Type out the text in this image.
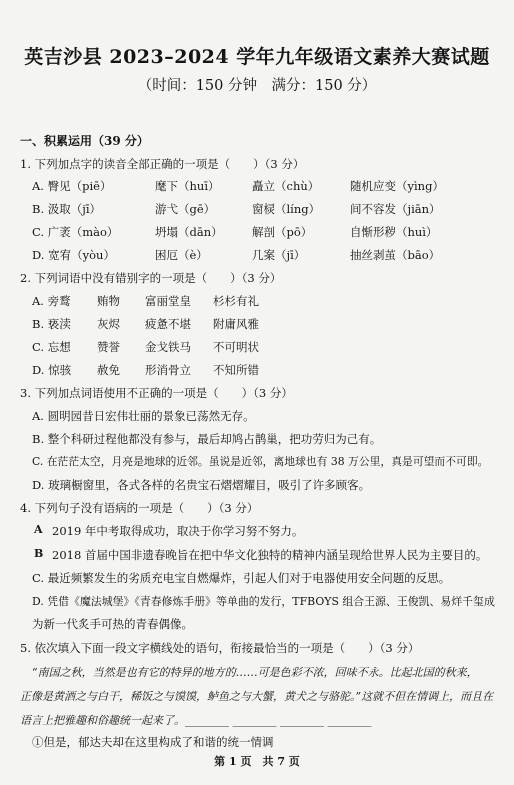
英吉沙县 2023–2024 学年九年级语文素养大赛试题
（时间：150 分钟　满分：150 分）
一、积累运用（39 分）
1. 下列加点字的读音全部正确的一项是（　　）（3 分）
A. 臀见（piē）	麾下（huī）	矗立（chù）	随机应变（yìng）
B. 汲取（jī）	游弋（gē）	窗棂（líng）	间不容发（jiān）
C. 广袤（mào）	坍塌（dān）	解剖（pō）	自惭形秽（huì）
D. 宽宥（yòu）	困厄（è）	几案（jī）	抽丝剥茧（bāo）
2. 下列词语中没有错别字的一项是（　　）（3 分）
A. 旁鹜 贿物 富丽堂皇 杉杉有礼
B. 亵渎 灰烬 疲惫不堪 附庸风雅
C. 忘想 赞誉 金戈铁马 不可明状
D. 惊骇 赦免 形消骨立 不知所错
3. 下列加点词语使用不正确的一项是（　　）（3 分）
A. 圆明园昔日宏伟壮丽的景象已荡然无存。
B. 整个科研过程他都没有参与，最后却鸠占鹊巢，把功劳归为己有。
C. 在茫茫太空，月亮是地球的近邻。虽说是近邻，离地球也有 38 万公里，真是可望而不可即。
D. 玻璃橱窗里，各式各样的名贵宝石熠熠耀目，吸引了许多顾客。
4. 下列句子没有语病的一项是（　　）（3 分）
A 2019 年中考取得成功，取决于你学习努不努力。
B 2018 首届中国非遗春晚旨在把中华文化独特的精神内涵呈现给世界人民为主要目的。
C. 最近频繁发生的劣质充电宝自燃爆炸，引起人们对于电器使用安全问题的反思。
D. 凭借《魔法城堡》《青春修炼手册》等单曲的发行，TFBOYS 组合王源、王俊凯、易烊千玺成
为新一代炙手可热的青春偶像。
5. 依次填入下面一段文字横线处的语句，衔接最恰当的一项是（　　）（3 分）
“南国之秋，当然是也有它的特异的地方的……可是色彩不浓，回味不永。比起北国的秋来，
正像是黄酒之与白干，稀饭之与馍馍，鲈鱼之与大蟹，黄犬之与骆驼。”这就不但在情调上，而且在
语言上把雅趣和俗趣统一起来了。________ ________ ________ ________
①但是，郁达夫却在这里构成了和谐的统一情调
第 1 页　共 7 页
